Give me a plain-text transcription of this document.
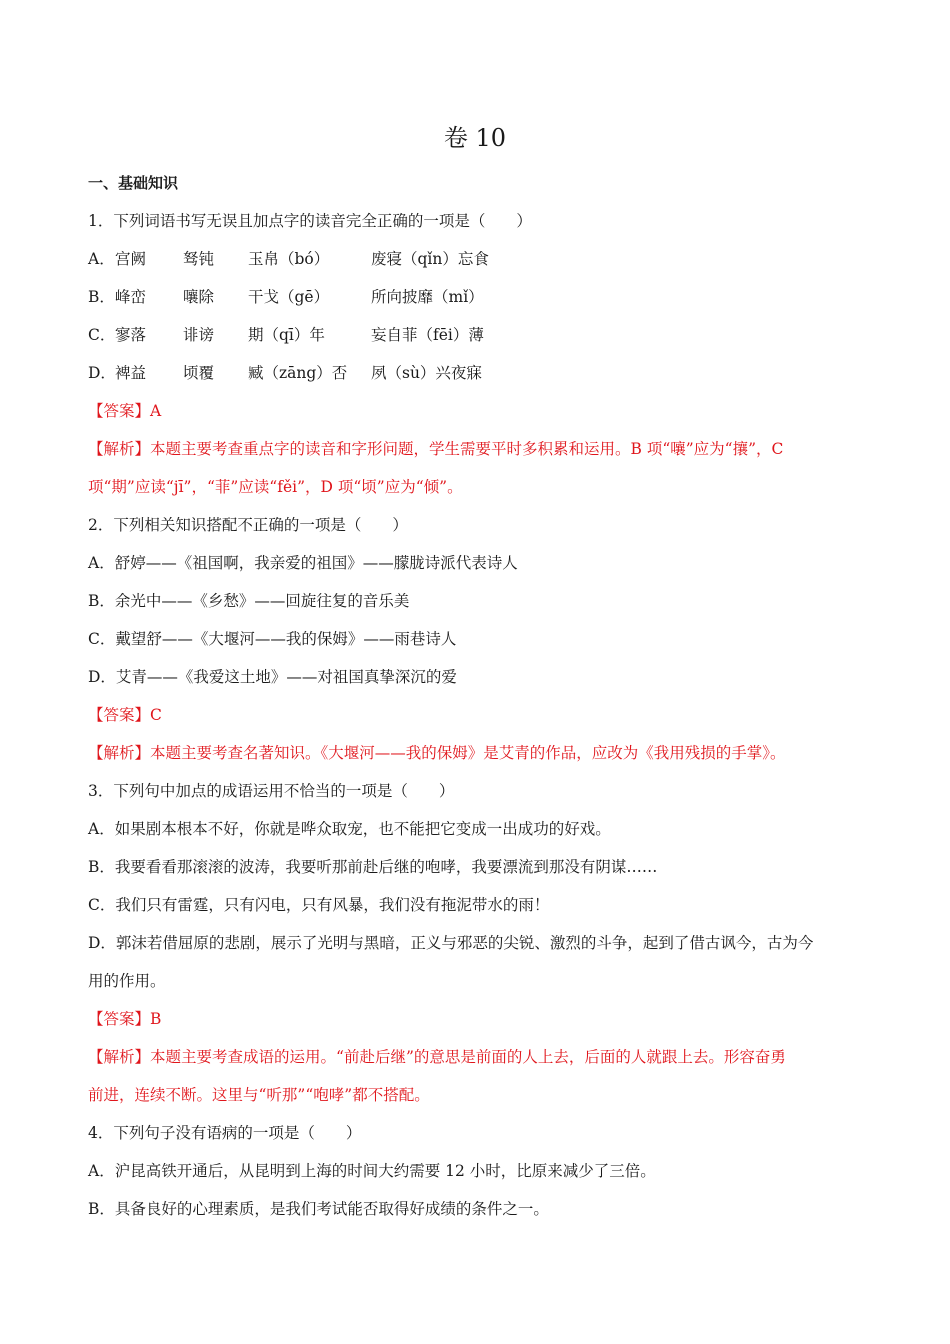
卷 10
一、基础知识
1．下列词语书写无误且加点字的读音完全正确的一项是（　　）
A． 宫阙 驽钝 玉帛（bó）	废寝（qǐn）忘食
B． 峰峦 嚷除 干戈（gē）	所向披靡（mǐ）
C． 寥落 诽谤 期（qī）年	妄自菲（fēi）薄
D． 裨益 顷覆 臧（zāng）否 夙（sù）兴夜寐
【答案】A
【解析】本题主要考查重点字的读音和字形问题，学生需要平时多积累和运用。B 项“嚷”应为“攘”，C
项“期”应读“jī”，“菲”应读“fěi”，D 项“顷”应为“倾”。
2．下列相关知识搭配不正确的一项是（　　）
A．舒婷——《祖国啊，我亲爱的祖国》——朦胧诗派代表诗人
B．余光中——《乡愁》——回旋往复的音乐美
C．戴望舒——《大堰河——我的保姆》——雨巷诗人
D．艾青——《我爱这土地》——对祖国真挚深沉的爱
【答案】C
【解析】本题主要考查名著知识。《大堰河——我的保姆》是艾青的作品，应改为《我用残损的手掌》。
3．下列句中加点的成语运用不恰当的一项是（　　）
A．如果剧本根本不好，你就是哗众取宠，也不能把它变成一出成功的好戏。
B．我要看看那滚滚的波涛，我要听那前赴后继的咆哮，我要漂流到那没有阴谋……
C．我们只有雷霆，只有闪电，只有风暴，我们没有拖泥带水的雨！
D．郭沫若借屈原的悲剧，展示了光明与黑暗，正义与邪恶的尖锐、激烈的斗争，起到了借古讽今，古为今
用的作用。
【答案】B
【解析】本题主要考查成语的运用。“前赴后继”的意思是前面的人上去，后面的人就跟上去。形容奋勇
前进，连续不断。这里与“听那”“咆哮”都不搭配。
4．下列句子没有语病的一项是（　　）
A．沪昆高铁开通后，从昆明到上海的时间大约需要 12 小时，比原来减少了三倍。
B．具备良好的心理素质，是我们考试能否取得好成绩的条件之一。
